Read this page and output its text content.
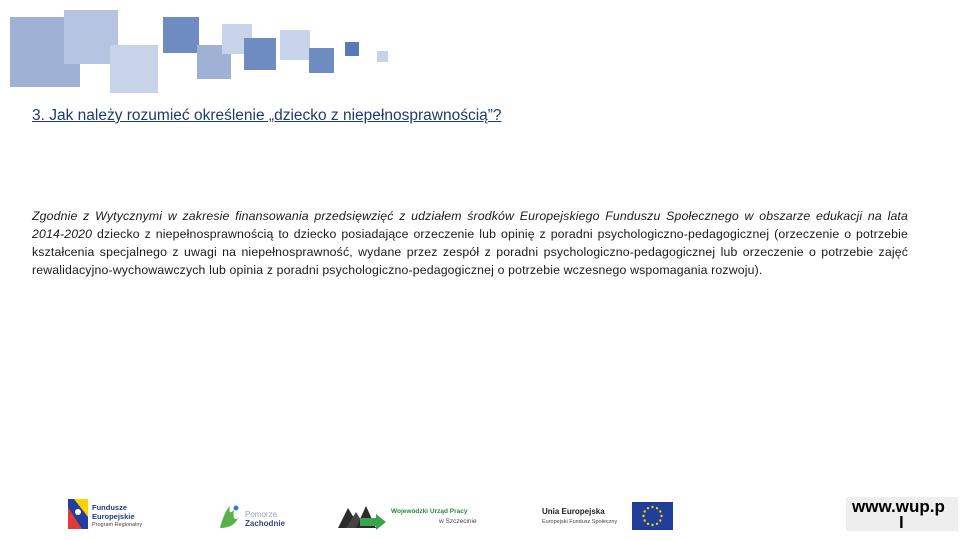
3. Jak należy rozumieć określenie „dziecko z niepełnosprawnością”?

Zgodnie z Wytycznymi w zakresie finansowania przedsięwzięć z udziałem środków Europejskiego Funduszu Społecznego w obszarze edukacji na lata 2014-2020 dziecko z niepełnosprawnością to dziecko posiadające orzeczenie lub opinię z poradni psychologiczno-pedagogicznej (orzeczenie o potrzebie kształcenia specjalnego z uwagi na niepełnosprawność, wydane przez zespół z poradni psychologiczno-pedagogicznej lub orzeczenie o potrzebie zajęć rewalidacyjno-wychowawczych lub opinia z poradni psychologiczno-pedagogicznej o potrzebie wczesnego wspomagania rozwoju).

Fundusze
Europejskie
Program Regionalny
Pomorze
Zachodnie
Wojewódzki Urząd Pracy
w Szczecinie
Unia Europejska
Europejski Fundusz Społeczny
www.wup.p
l
